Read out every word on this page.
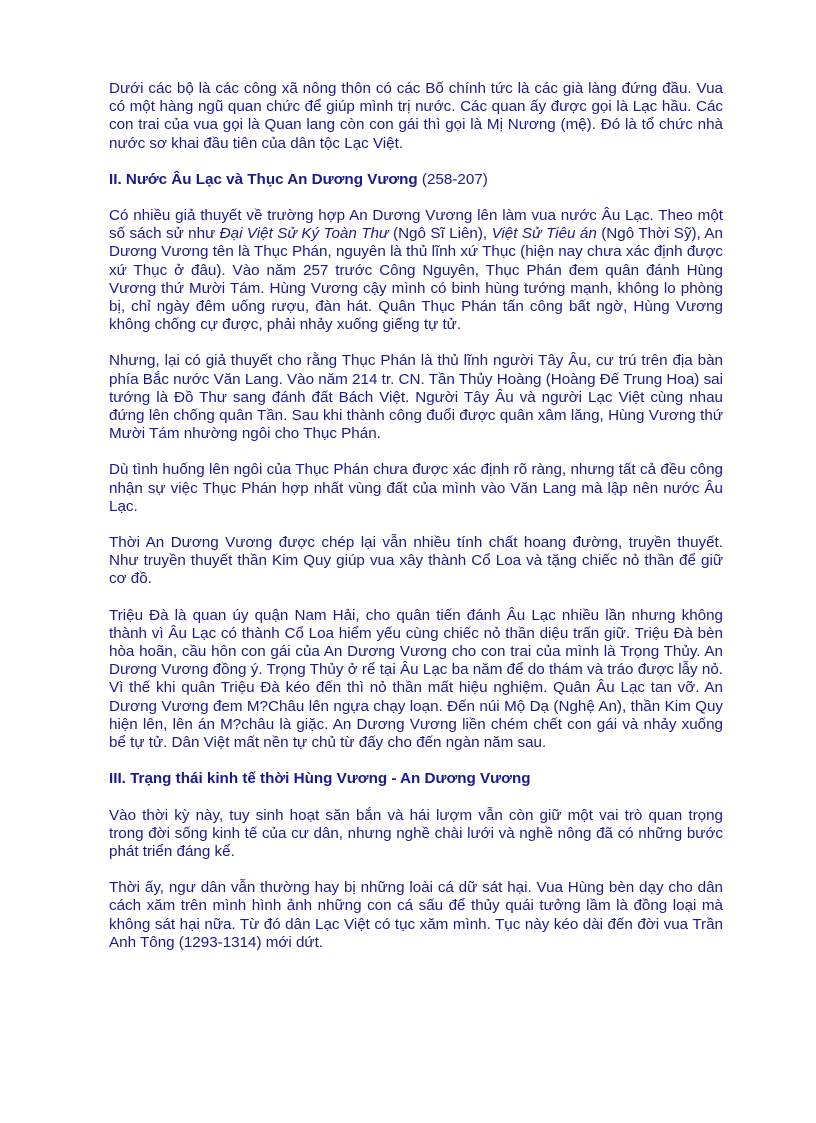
Dưới các bộ là các công xã nông thôn có các Bố chính tức là các già làng đứng đầu. Vua có một hàng ngũ quan chức để giúp mình trị nước. Các quan ấy được gọi là Lạc hầu. Các con trai của vua gọi là Quan lang còn con gái thì gọi là Mị Nương (mệ). Đó là tổ chức nhà nước sơ khai đầu tiên của dân tộc Lạc Việt.

II. Nước Âu Lạc và Thục An Dương Vương (258-207)

Có nhiều giả thuyết về trường hợp An Dương Vương lên làm vua nước Âu Lạc. Theo một số sách sử như Đại Việt Sử Ký Toàn Thư (Ngô Sĩ Liên), Việt Sử Tiêu án (Ngô Thời Sỹ), An Dương Vương tên là Thục Phán, nguyên là thủ lĩnh xứ Thục (hiện nay chưa xác định được xứ Thục ở đâu). Vào năm 257 trước Công Nguyên, Thục Phán đem quân đánh Hùng Vương thứ Mười Tám. Hùng Vương cậy mình có binh hùng tướng mạnh, không lo phòng bị, chỉ ngày đêm uống rượu, đàn hát. Quân Thục Phán tấn công bất ngờ, Hùng Vương không chống cự được, phải nhảy xuống giếng tự tử.

Nhưng, lại có giả thuyết cho rằng Thục Phán là thủ lĩnh người Tây Âu, cư trú trên địa bàn phía Bắc nước Văn Lang. Vào năm 214 tr. CN. Tần Thủy Hoàng (Hoàng Đế Trung Hoa) sai tướng là Đồ Thư sang đánh đất Bách Việt. Người Tây Âu và người Lạc Việt cùng nhau đứng lên chống quân Tần. Sau khi thành công đuổi được quân xâm lăng, Hùng Vương thứ Mười Tám nhường ngôi cho Thục Phán.

Dù tình huống lên ngôi của Thục Phán chưa được xác định rõ ràng, nhưng tất cả đều công nhận sự việc Thục Phán hợp nhất vùng đất của mình vào Văn Lang mà lập nên nước Âu Lạc.

Thời An Dương Vương được chép lại vẫn nhiều tính chất hoang đường, truyền thuyết. Như truyền thuyết thần Kim Quy giúp vua xây thành Cổ Loa và tặng chiếc nỏ thần để giữ cơ đồ.

Triệu Đà là quan úy quận Nam Hải, cho quân tiến đánh Âu Lạc nhiều lần nhưng không thành vì Âu Lạc có thành Cổ Loa hiểm yếu cùng chiếc nỏ thần diệu trấn giữ. Triệu Đà bèn hòa hoãn, cầu hôn con gái của An Dương Vương cho con trai của mình là Trọng Thủy. An Dương Vương đồng ý. Trọng Thủy ở rể tại Âu Lạc ba năm để do thám và tráo được lẫy nỏ. Vì thế khi quân Triệu Đà kéo đến thì nỏ thần mất hiệu nghiệm. Quân Âu Lạc tan vỡ. An Dương Vương đem M?Châu lên ngựa chạy loạn. Đến núi Mộ Dạ (Nghệ An), thần Kim Quy hiện lên, lên án M?châu là giặc. An Dương Vương liền chém chết con gái và nhảy xuống bể tự tử. Dân Việt mất nền tự chủ từ đấy cho đến ngàn năm sau.

III. Trạng thái kinh tế thời Hùng Vương - An Dương Vương

Vào thời kỳ này, tuy sinh hoạt săn bắn và hái lượm vẫn còn giữ một vai trò quan trọng trong đời sống kinh tế của cư dân, nhưng nghề chài lưới và nghề nông đã có những bước phát triển đáng kể.

Thời ấy, ngư dân vẫn thường hay bị những loài cá dữ sát hại. Vua Hùng bèn dạy cho dân cách xăm trên mình hình ảnh những con cá sấu để thủy quái tưởng lầm là đồng loại mà không sát hại nữa. Từ đó dân Lạc Việt có tục xăm mình. Tục này kéo dài đến đời vua Trần Anh Tông (1293-1314) mới dứt.
